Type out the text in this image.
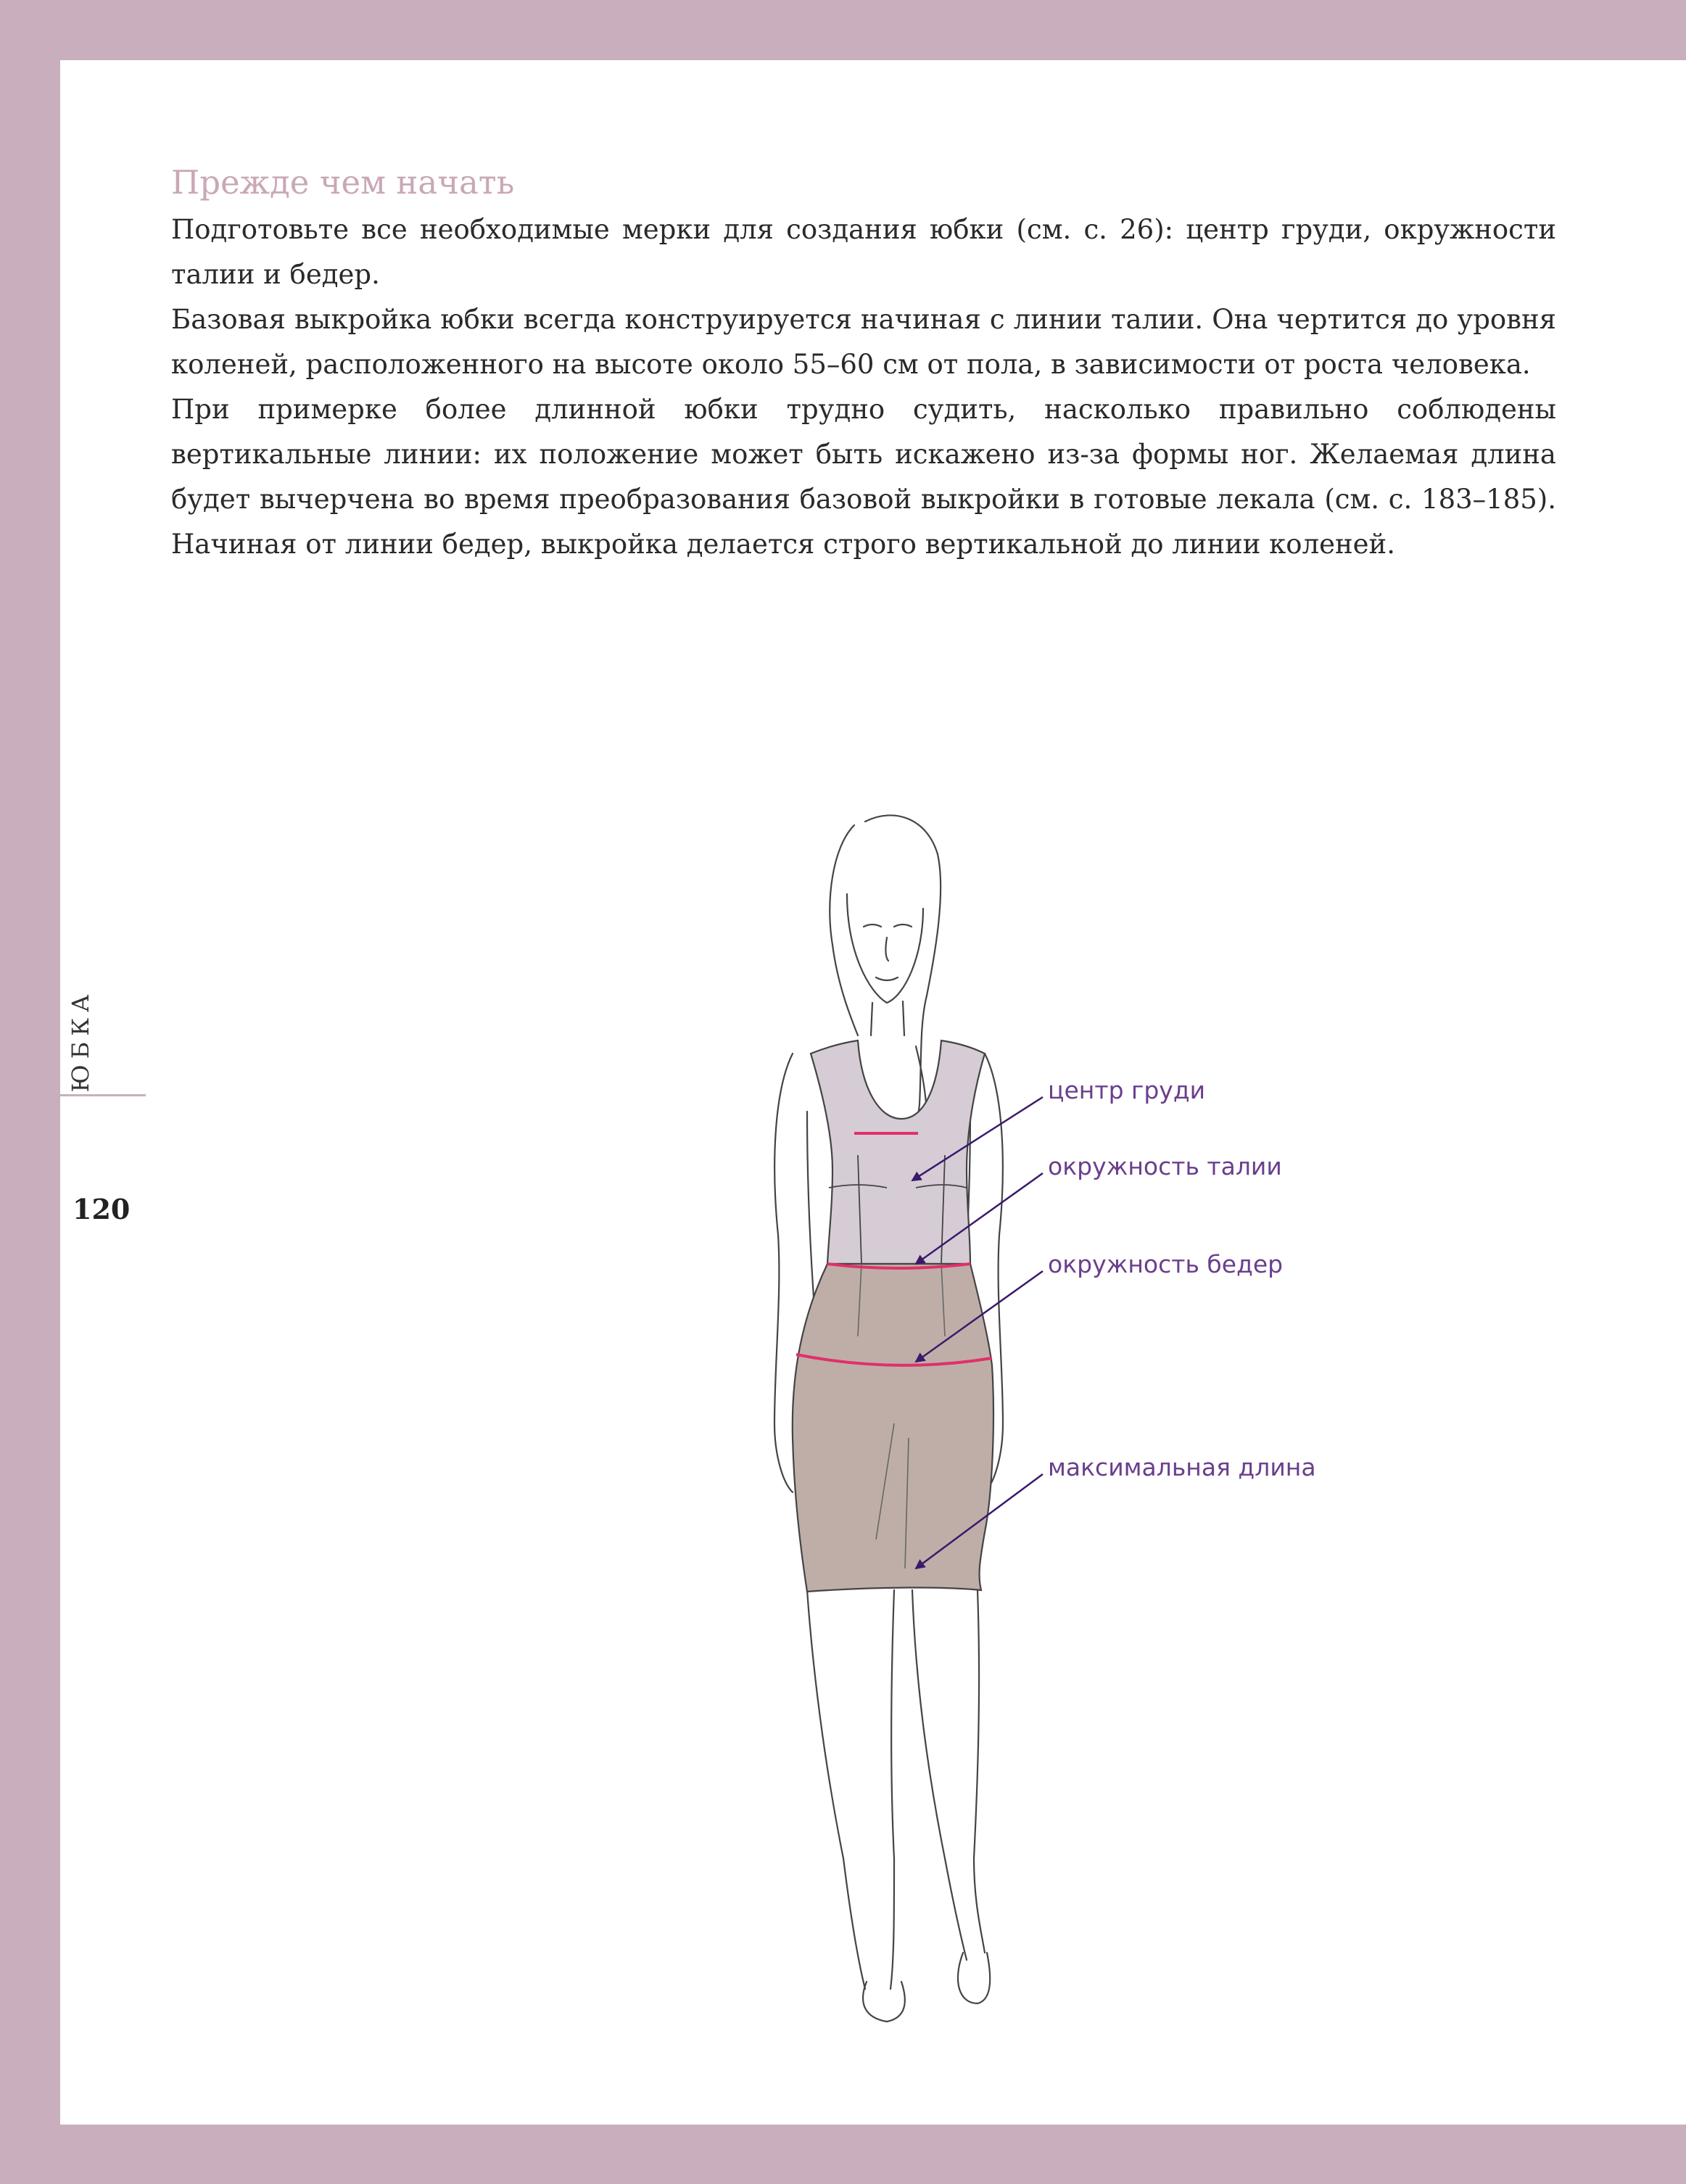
Прежде чем начать

Подготовьте все необходимые мерки для создания юбки (см. с. 26): центр груди, окружности талии и бедер.

Базовая выкройка юбки всегда конструируется начиная с линии талии. Она чертится до уровня коленей, расположенного на высоте около 55–60 см от пола, в зависимости от роста человека.

При примерке более длинной юбки трудно судить, насколько правильно соблюдены вертикальные линии: их положение может быть искажено из-за формы ног. Желаемая длина будет вычерчена во время преобразования базовой выкройки в готовые лекала (см. с. 183–185). Начиная от линии бедер, выкройка делается строго вертикальной до линии коленей.

ЮБКА
120
центр груди
окружность талии
окружность бедер
максимальная длина
